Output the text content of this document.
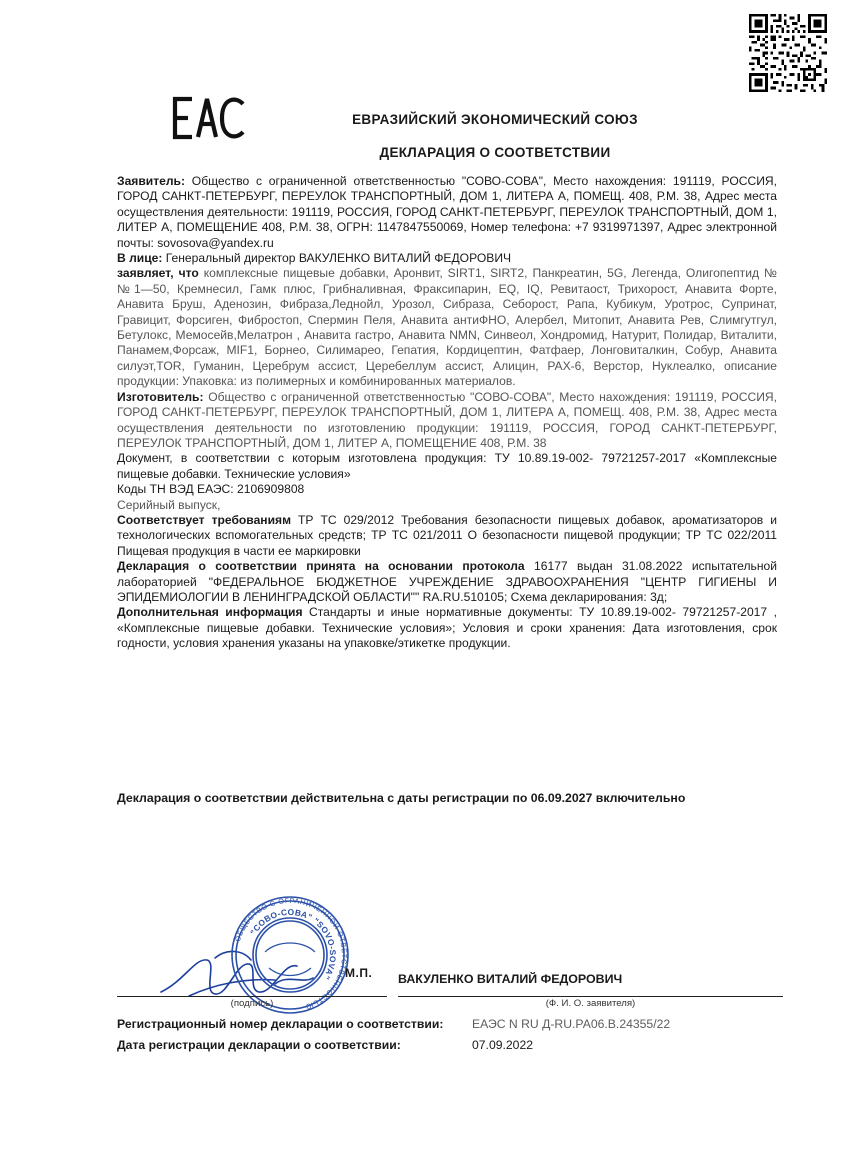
ЕВРАЗИЙСКИЙ ЭКОНОМИЧЕСКИЙ СОЮЗ
ДЕКЛАРАЦИЯ О СООТВЕТСТВИИ

Заявитель: Общество с ограниченной ответственностью "СОВО-СОВА", Место нахождения: 191119, РОССИЯ, ГОРОД САНКТ-ПЕТЕРБУРГ, ПЕРЕУЛОК ТРАНСПОРТНЫЙ, ДОМ 1, ЛИТЕРА А, ПОМЕЩ. 408, Р.М. 38, Адрес места осуществления деятельности: 191119, РОССИЯ, ГОРОД САНКТ-ПЕТЕРБУРГ, ПЕРЕУЛОК ТРАНСПОРТНЫЙ, ДОМ 1, ЛИТЕР А, ПОМЕЩЕНИЕ 408, Р.М. 38, ОГРН: 1147847550069, Номер телефона: +7 9319971397, Адрес электронной почты: sovosova@yandex.ru

В лице: Генеральный директор ВАКУЛЕНКО ВИТАЛИЙ ФЕДОРОВИЧ

заявляет, что комплексные пищевые добавки, Аронвит, SIRT1, SIRT2, Панкреатин, 5G, Легенда, Олигопептид №№1—50, Кремнесил, Гамк плюс, Грибналивная, Фраксипарин, EQ, IQ, Ревитаост, Трихорост, Анавита Форте, Анавита Бруш, Аденозин, Фибраза,Леднойл, Урозол, Сибраза, Себорост, Рапа, Кубикум, Уротрос, Супринат, Гравицит, Форсиген, Фибростоп, Спермин Пеля, Анавита антиФНО, Алербел, Митопит, Анавита Рев, Слимгутгул, Бетулокс, Мемосейв,Мелатрон , Анавита гастро, Анавита NMN, Синвеол, Хондромид, Натурит, Полидар, Виталити, Панамем,Форсаж, MIF1, Борнео, Силимарео, Гепатия, Кордицептин, Фатфаер, Лонговиталкин, Собур, Анавита силуэт,TOR, Гуманин, Церебрум ассист, Церебеллум ассист, Алицин, PAX-6, Верстор, Нуклеалко, описание продукции: Упаковка: из полимерных и комбинированных материалов.

Изготовитель: Общество с ограниченной ответственностью "СОВО-СОВА", Место нахождения: 191119, РОССИЯ, ГОРОД САНКТ-ПЕТЕРБУРГ, ПЕРЕУЛОК ТРАНСПОРТНЫЙ, ДОМ 1, ЛИТЕРА А, ПОМЕЩ. 408, Р.М. 38, Адрес места осуществления деятельности по изготовлению продукции: 191119, РОССИЯ, ГОРОД САНКТ-ПЕТЕРБУРГ, ПЕРЕУЛОК ТРАНСПОРТНЫЙ, ДОМ 1, ЛИТЕР А, ПОМЕЩЕНИЕ 408, Р.М. 38

Документ, в соответствии с которым изготовлена продукция: ТУ 10.89.19-002- 79721257-2017 «Комплексные пищевые добавки. Технические условия»

Коды ТН ВЭД ЕАЭС: 2106909808

Серийный выпуск,

Соответствует требованиям ТР ТС 029/2012 Требования безопасности пищевых добавок, ароматизаторов и технологических вспомогательных средств; ТР ТС 021/2011 О безопасности пищевой продукции; ТР ТС 022/2011 Пищевая продукция в части ее маркировки

Декларация о соответствии принята на основании протокола 16177 выдан 31.08.2022 испытательной лабораторией "ФЕДЕРАЛЬНОЕ БЮДЖЕТНОЕ УЧРЕЖДЕНИЕ ЗДРАВООХРАНЕНИЯ "ЦЕНТР ГИГИЕНЫ И ЭПИДЕМИОЛОГИИ В ЛЕНИНГРАДСКОЙ ОБЛАСТИ"" RA.RU.510105; Схема декларирования: 3д;

Дополнительная информация Стандарты и иные нормативные документы: ТУ 10.89.19-002- 79721257-2017 , «Комплексные пищевые добавки. Технические условия»; Условия и сроки хранения: Дата изготовления, срок годности, условия хранения указаны на упаковке/этикетке продукции.

Декларация о соответствии действительна с даты регистрации по 06.09.2027 включительно
ОБЩЕСТВО С ОГРАНИЧЕННОЙ ОТВЕТСТВЕННОСТЬЮ
"СОВО-СОВА" "SOVO-SOVA"	М.П. ВАКУЛЕНКО ВИТАЛИЙ ФЕДОРОВИЧ
(подпись)	(Ф. И. О. заявителя)
Регистрационный номер декларации о соответствии:	ЕАЭС N RU Д-RU.РА06.В.24355/22
Дата регистрации декларации о соответствии:	07.09.2022
